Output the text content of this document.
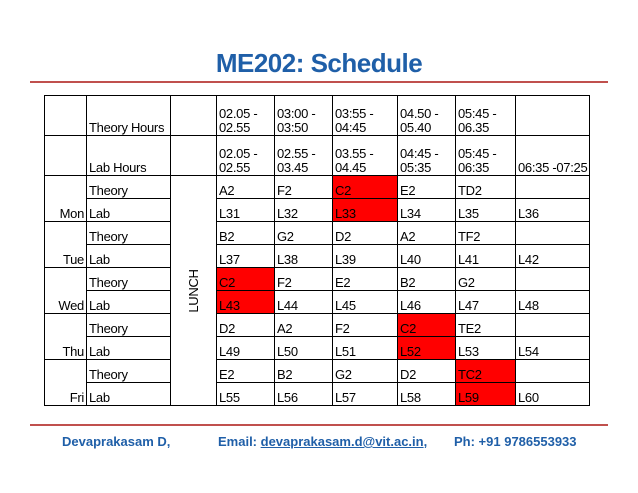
ME202: Schedule
	Theory Hours		02.05 - 02.55	03:00 - 03:50	03:55 - 04:45	04.50 - 05.40	05:45 - 06.35	
	Lab Hours		02.05 - 02.55	02.55 - 03.45	03.55 - 04.45	04:45 - 05:35	05:45 - 06:35	06:35 -07:25
	Theory	LUNCH	A2	F2	C2	E2	TD2	
Mon	Lab		L31	L32	L33	L34	L35	L36
	Theory		B2	G2	D2	A2	TF2	
Tue	Lab		L37	L38	L39	L40	L41	L42
	Theory		C2	F2	E2	B2	G2	
Wed	Lab		L43	L44	L45	L46	L47	L48
	Theory		D2	A2	F2	C2	TE2	
Thu	Lab		L49	L50	L51	L52	L53	L54
	Theory		E2	B2	G2	D2	TC2	
Fri	Lab		L55	L56	L57	L58	L59	L60
Devaprakasam D,	Email: devaprakasam.d@vit.ac.in, Ph: +91 9786553933
